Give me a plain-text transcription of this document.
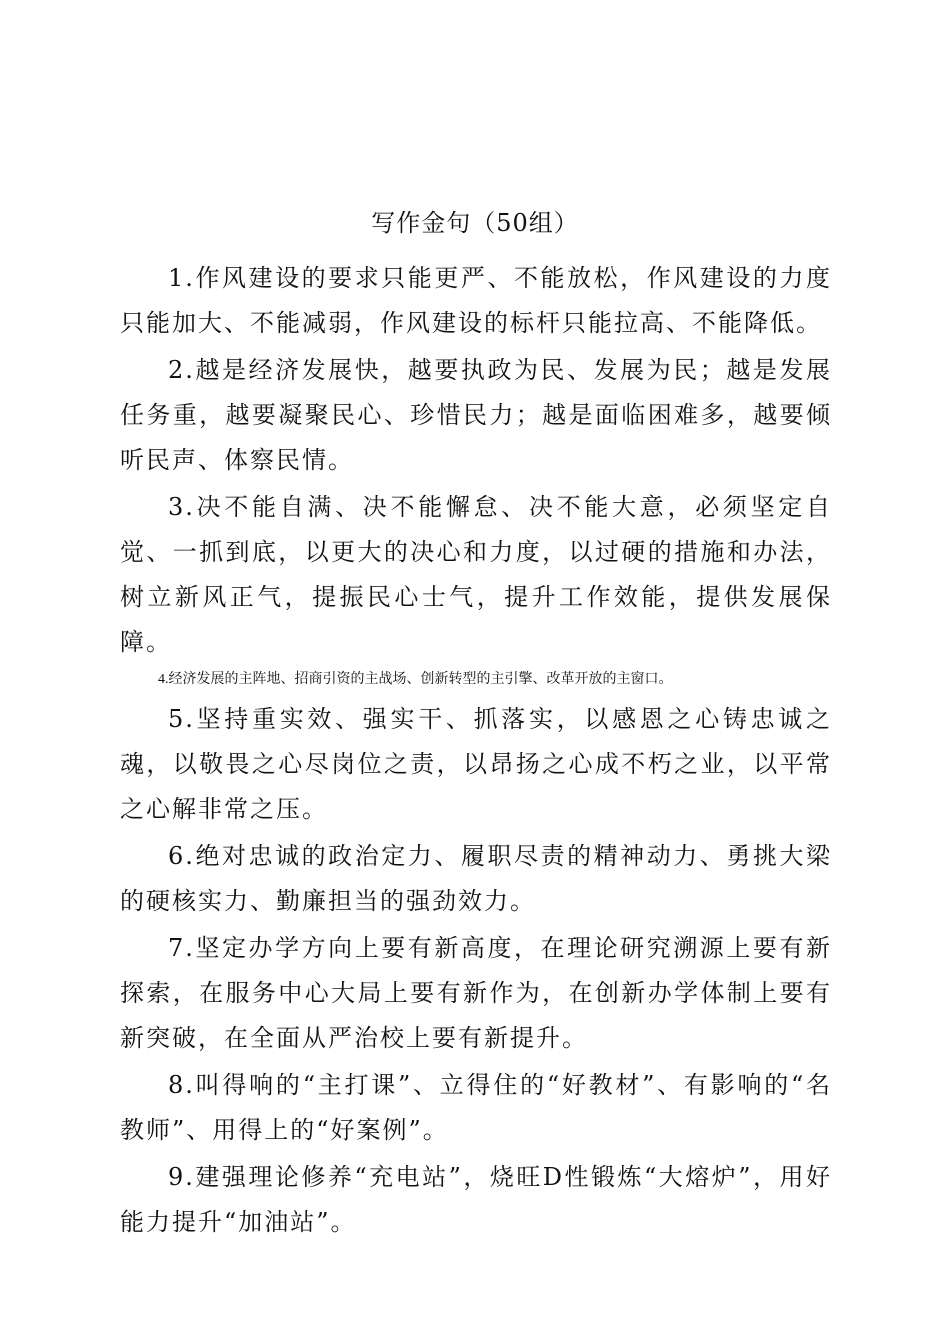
写作金句（50组）

1.作风建设的要求只能更严、不能放松，作风建设的力度只能加大、不能减弱，作风建设的标杆只能拉高、不能降低。

2.越是经济发展快，越要执政为民、发展为民；越是发展任务重，越要凝聚民心、珍惜民力；越是面临困难多，越要倾听民声、体察民情。

3.决不能自满、决不能懈怠、决不能大意，必须坚定自觉、一抓到底，以更大的决心和力度，以过硬的措施和办法，树立新风正气，提振民心士气，提升工作效能，提供发展保障。

4.经济发展的主阵地、招商引资的主战场、创新转型的主引擎、改革开放的主窗口。

5.坚持重实效、强实干、抓落实，以感恩之心铸忠诚之魂，以敬畏之心尽岗位之责，以昂扬之心成不朽之业，以平常之心解非常之压。

6.绝对忠诚的政治定力、履职尽责的精神动力、勇挑大梁的硬核实力、勤廉担当的强劲效力。

7.坚定办学方向上要有新高度，在理论研究溯源上要有新探索，在服务中心大局上要有新作为，在创新办学体制上要有新突破，在全面从严治校上要有新提升。

8.叫得响的“主打课”、立得住的“好教材”、有影响的“名教师”、用得上的“好案例”。

9.建强理论修养“充电站”，烧旺D性锻炼“大熔炉”，用好能力提升“加油站”。
